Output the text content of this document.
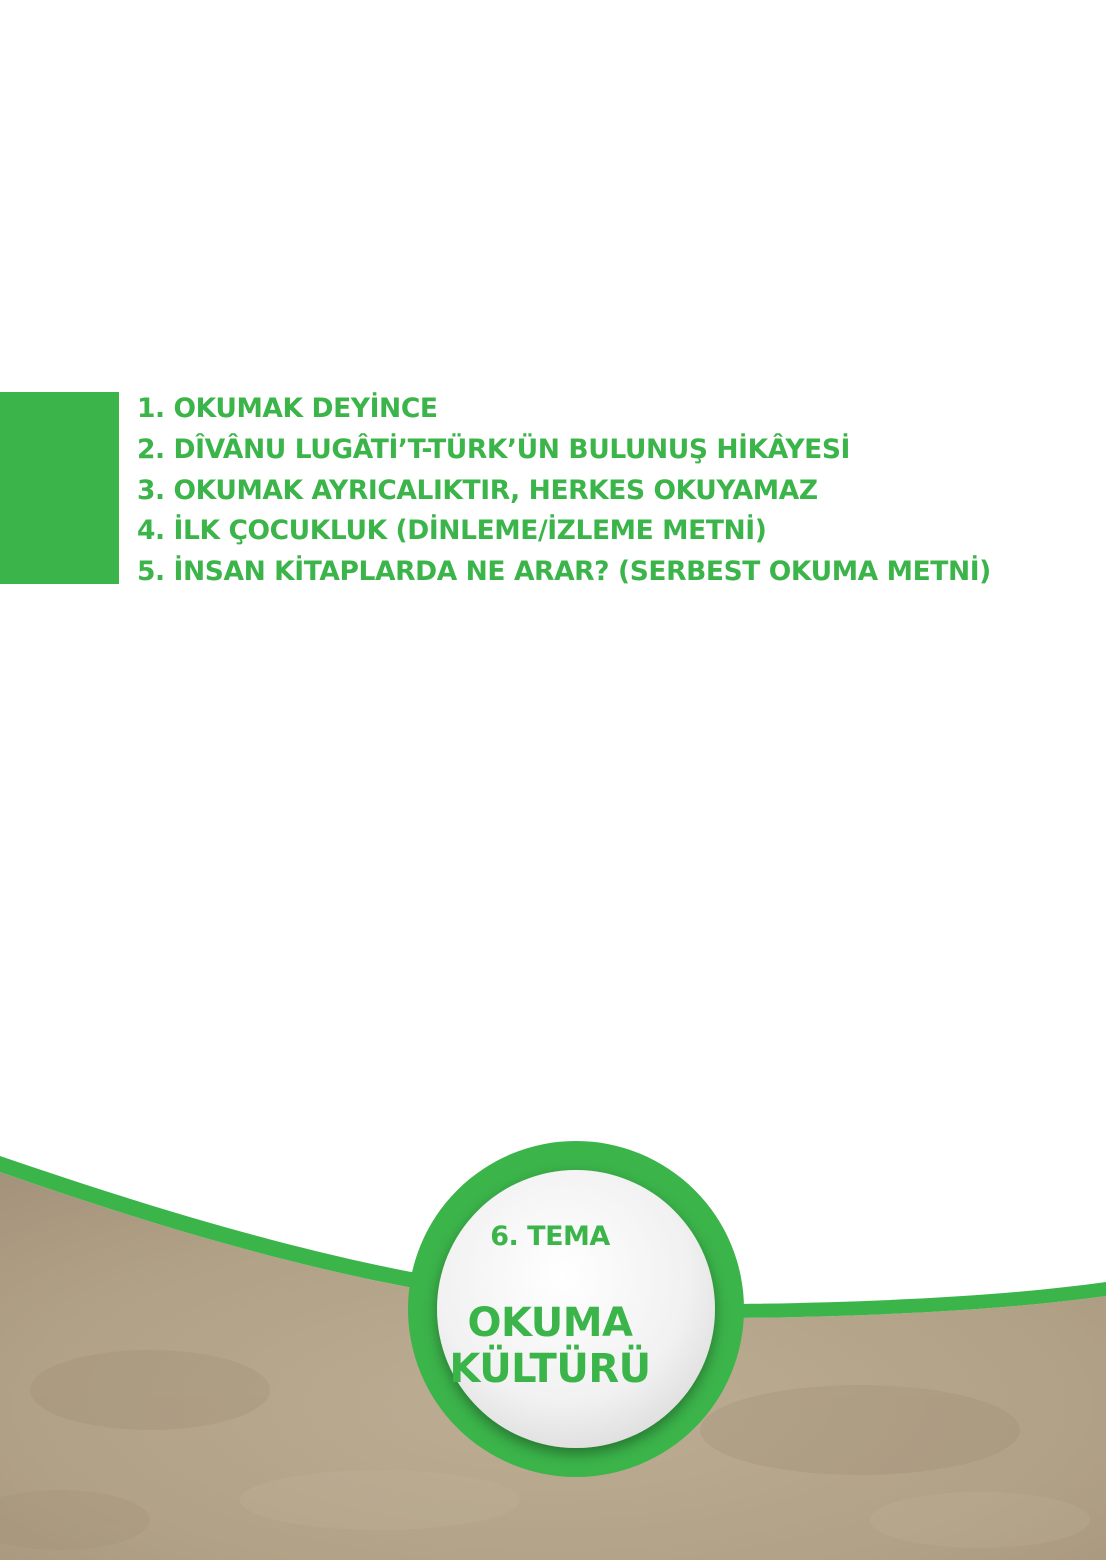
1. OKUMAK DEYİNCE
2. DÎVÂNU LUGÂTİ’T-TÜRK’ÜN BULUNUŞ HİKÂYESİ
3. OKUMAK AYRICALIKTIR, HERKES OKUYAMAZ
4. İLK ÇOCUKLUK (DİNLEME/İZLEME METNİ)
5. İNSAN KİTAPLARDA NE ARAR? (SERBEST OKUMA METNİ)
6. TEMA
OKUMA
KÜLTÜRÜ
